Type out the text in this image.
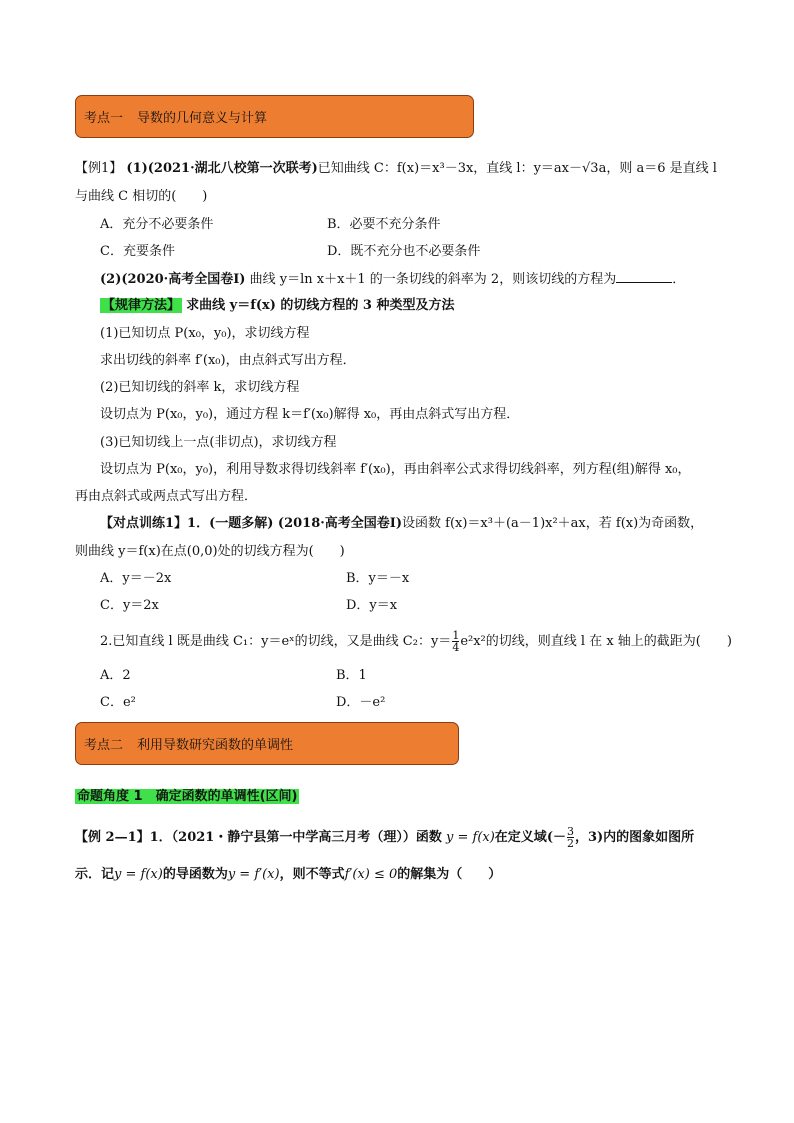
考点一 导数的几何意义与计算
【例1】 (1)(2021·湖北八校第一次联考)已知曲线 C：f(x)＝x³－3x，直线 l：y＝ax－√3a，则 a＝6 是直线 l
与曲线 C 相切的(　　)
A．充分不必要条件	B．必要不充分条件
C．充要条件	D．既不充分也不必要条件
(2)(2020·高考全国卷Ⅰ) 曲线 y＝ln x＋x＋1 的一条切线的斜率为 2，则该切线的方程为	．
【规律方法】 求曲线 y＝f(x) 的切线方程的 3 种类型及方法
(1)已知切点 P(x₀，y₀)，求切线方程
求出切线的斜率 f′(x₀)，由点斜式写出方程．
(2)已知切线的斜率 k，求切线方程
设切点为 P(x₀，y₀)，通过方程 k＝f′(x₀)解得 x₀，再由点斜式写出方程．
(3)已知切线上一点(非切点)，求切线方程
设切点为 P(x₀，y₀)，利用导数求得切线斜率 f′(x₀)，再由斜率公式求得切线斜率，列方程(组)解得 x₀，
再由点斜式或两点式写出方程．
【对点训练1】1．(一题多解) (2018·高考全国卷Ⅰ)设函数 f(x)＝x³＋(a－1)x²＋ax，若 f(x)为奇函数，
则曲线 y＝f(x)在点(0,0)处的切线方程为(　　)
A．y＝－2x	B．y＝－x
C．y＝2x	D．y＝x
2.已知直线 l 既是曲线 C₁：y＝eˣ的切线，又是曲线 C₂：$y= \frac{1}{4} e^2x^2$的切线，则直线 l 在 x 轴上的截距为(　　)
A．2	B．1
C．e²	D．－e²
考点二 利用导数研究函数的单调性
命题角度 1　确定函数的单调性(区间)
【例 2—1】1．（2021・静宁县第一中学高三月考（理））函数 y = f(x)在定义域(－ $\frac{3}{2}$ ，3)内的图象如图所
示．记y = f(x)的导函数为y = f′(x)，则不等式f′(x) ≤ 0的解集为（　　）
